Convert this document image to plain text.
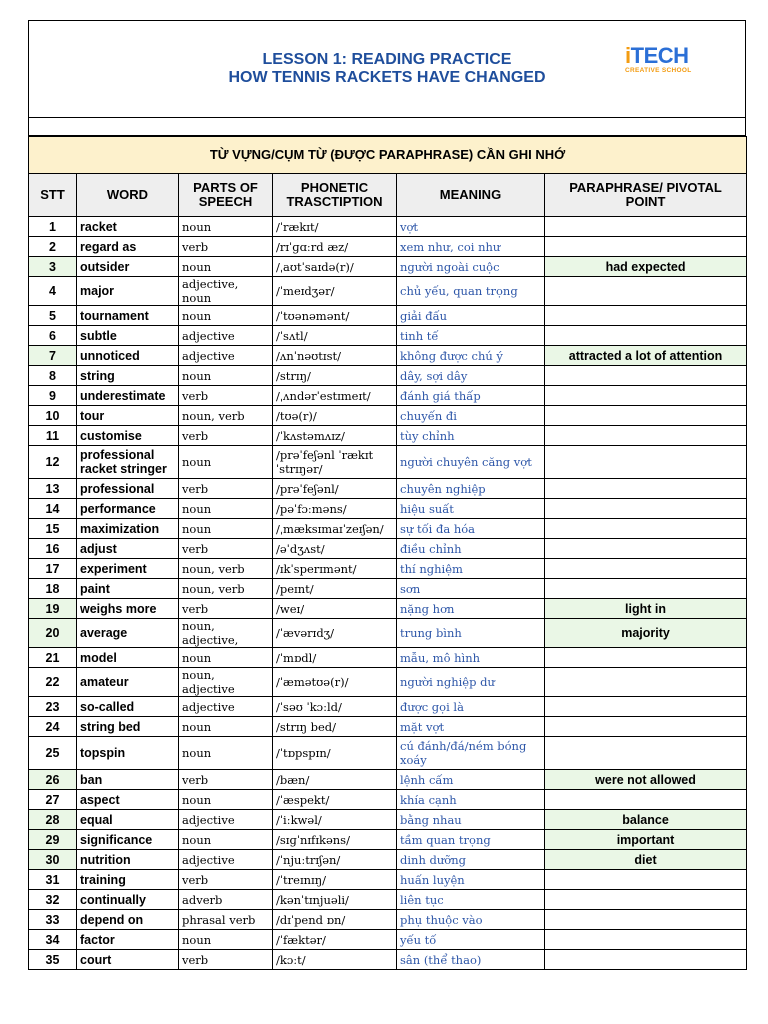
LESSON 1: READING PRACTICE
HOW TENNIS RACKETS HAVE CHANGED
iTECH
CREATIVE SCHOOL
TỪ VỰNG/CỤM TỪ (ĐƯỢC PARAPHRASE) CẦN GHI NHỚ					
STT	WORD	PARTS OF SPEECH	PHONETIC TRASCTIPTION	MEANING	PARAPHRASE/ PIVOTAL POINT
1	racket	noun	/ˈrækɪt/	vợt	
2	regard as	verb	/rɪˈɡɑːrd æz/	xem như, coi như	
3	outsider	noun	/ˌaʊtˈsaɪdə(r)/	người ngoài cuộc	had expected
4	major	adjective, noun	/ˈmeɪdʒər/	chủ yếu, quan trọng	
5	tournament	noun	/ˈtʊənəmənt/	giải đấu	
6	subtle	adjective	/ˈsʌtl/	tinh tế	
7	unnoticed	adjective	/ʌnˈnəʊtɪst/	không được chú ý	attracted a lot of attention
8	string	noun	/strɪŋ/	dây, sợi dây	
9	underestimate	verb	/ˌʌndərˈestɪmeɪt/	đánh giá thấp	
10	tour	noun, verb	/tʊə(r)/	chuyến đi	
11	customise	verb	/ˈkʌstəmʌɪz/	tùy chỉnh	
12	professional racket stringer	noun	/prəˈfeʃənl ˈrækɪt ˈstrɪŋər/	người chuyên căng vợt	
13	professional	verb	/prəˈfeʃənl/	chuyên nghiệp	
14	performance	noun	/pəˈfɔːməns/	hiệu suất	
15	maximization	noun	/ˌmæksɪmaɪˈzeɪʃən/	sự tối đa hóa	
16	adjust	verb	/əˈdʒʌst/	điều chỉnh	
17	experiment	noun, verb	/ɪkˈsperɪmənt/	thí nghiệm	
18	paint	noun, verb	/peɪnt/	sơn	
19	weighs more	verb	/weɪ/	nặng hơn	light in
20	average	noun, adjective,	/ˈævərɪdʒ/	trung bình	majority
21	model	noun	/ˈmɒdl/	mẫu, mô hình	
22	amateur	noun, adjective	/ˈæmətʊə(r)/	người nghiệp dư	
23	so-called	adjective	/ˈsəʊ ˈkɔːld/	được gọi là	
24	string bed	noun	/strɪŋ bed/	mặt vợt	
25	topspin	noun	/ˈtɒpspɪn/	cú đánh/đá/ném bóng xoáy	
26	ban	verb	/bæn/	lệnh cấm	were not allowed
27	aspect	noun	/ˈæspekt/	khía cạnh	
28	equal	adjective	/ˈiːkwəl/	bằng nhau	balance
29	significance	noun	/sɪɡˈnɪfɪkəns/	tầm quan trọng	important
30	nutrition	adjective	/ˈnjuːtrɪʃən/	dinh dưỡng	diet
31	training	verb	/ˈtreɪnɪŋ/	huấn luyện	
32	continually	adverb	/kənˈtɪnjuəli/	liên tục	
33	depend on	phrasal verb	/dɪˈpend ɒn/	phụ thuộc vào	
34	factor	noun	/ˈfæktər/	yếu tố	
35	court	verb	/kɔːt/	sân (thể thao)	
